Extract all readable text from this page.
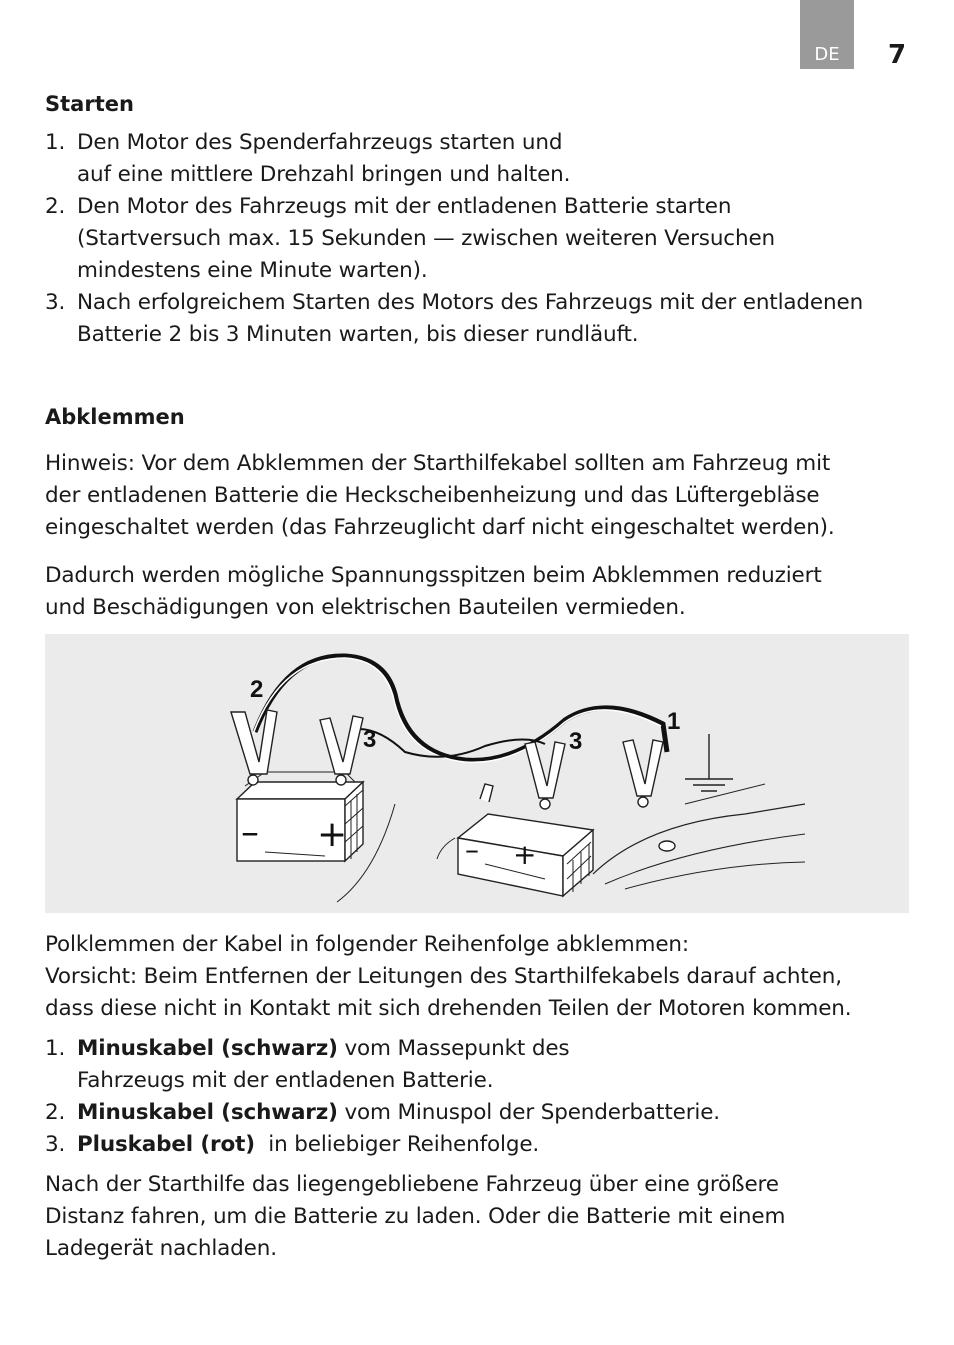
DE 7
Starten
1. Den Motor des Spenderfahrzeugs starten und
auf eine mittlere Drehzahl bringen und halten.
2. Den Motor des Fahrzeugs mit der entladenen Batterie starten
(Startversuch max. 15 Sekunden — zwischen weiteren Versuchen
mindestens eine Minute warten).
3. Nach erfolgreichem Starten des Motors des Fahrzeugs mit der entladenen
Batterie 2 bis 3 Minuten warten, bis dieser rundläuft.
Abklemmen
Hinweis: Vor dem Abklemmen der Starthilfekabel sollten am Fahrzeug mit
der entladenen Batterie die Heckscheibenheizung und das Lüftergebläse
eingeschaltet werden (das Fahrzeuglicht darf nicht eingeschaltet werden).
Dadurch werden mögliche Spannungsspitzen beim Abklemmen reduziert
und Beschädigungen von elektrischen Bauteilen vermieden.
2
3	3
1
– +	– +
Polklemmen der Kabel in folgender Reihenfolge abklemmen:
Vorsicht: Beim Entfernen der Leitungen des Starthilfekabels darauf achten,
dass diese nicht in Kontakt mit sich drehenden Teilen der Motoren kommen.
1. Minuskabel (schwarz) vom Massepunkt des
Fahrzeugs mit der entladenen Batterie.
2. Minuskabel (schwarz) vom Minuspol der Spenderbatterie.
3. Pluskabel (rot)  in beliebiger Reihenfolge.
Nach der Starthilfe das liegengebliebene Fahrzeug über eine größere
Distanz fahren, um die Batterie zu laden. Oder die Batterie mit einem
Ladegerät nachladen.
